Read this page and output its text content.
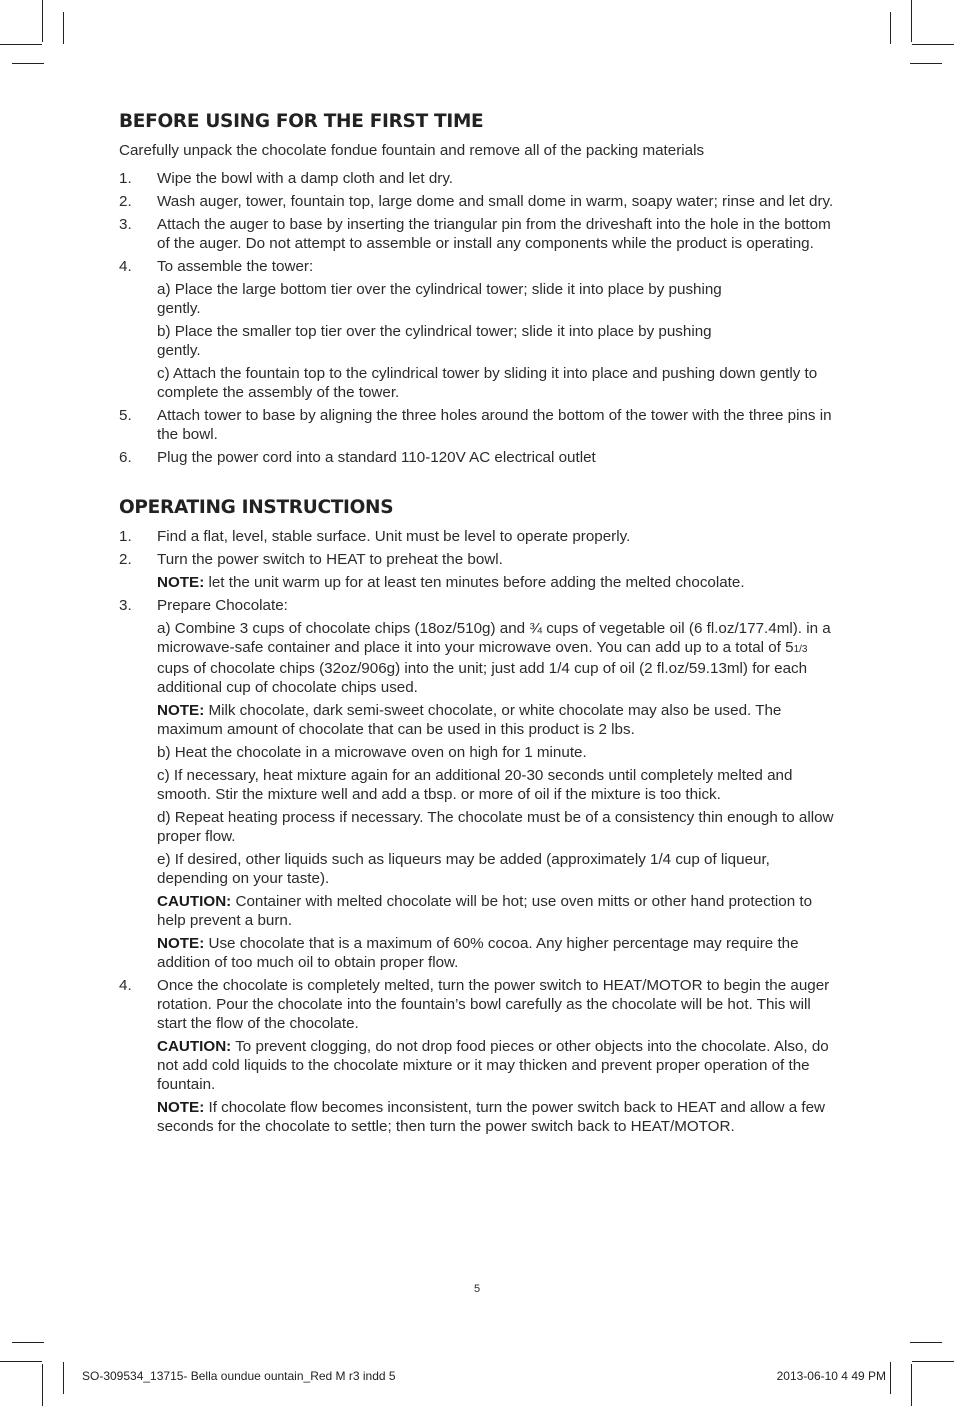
BEFORE USING FOR THE FIRST TIME

Carefully unpack the chocolate fondue fountain and remove all of the packing materials

1.	Wipe the bowl with a damp cloth and let dry.
2.	Wash auger, tower, fountain top, large dome and small dome in warm, soapy water; rinse and let dry.
3.	Attach the auger to base by inserting the triangular pin from the driveshaft into the hole in the bottom of the auger. Do not attempt to assemble or install any components while the product is operating.
4.	To assemble the tower:

a) Place the large bottom tier over the cylindrical tower; slide it into place by pushing gently.

b) Place the smaller top tier over the cylindrical tower; slide it into place by pushing gently.

c) Attach the fountain top to the cylindrical tower by sliding it into place and pushing down gently to complete the assembly of the tower.

5.	Attach tower to base by aligning the three holes around the bottom of the tower with the three pins in the bowl.
6.	Plug the power cord into a standard 110-120V AC electrical outlet
OPERATING INSTRUCTIONS
1.	Find a flat, level, stable surface. Unit must be level to operate properly.
2.	Turn the power switch to HEAT to preheat the bowl.

NOTE: let the unit warm up for at least ten minutes before adding the melted chocolate.

3.	Prepare Chocolate:

a) Combine 3 cups of chocolate chips (18oz/510g) and ¾ cups of vegetable oil (6 fl.oz/177.4ml). in a microwave-safe container and place it into your microwave oven. You can add up to a total of 51/3 cups of chocolate chips (32oz/906g) into the unit; just add 1/4 cup of oil (2 fl.oz/59.13ml) for each additional cup of chocolate chips used.

NOTE: Milk chocolate, dark semi-sweet chocolate, or white chocolate may also be used. The maximum amount of chocolate that can be used in this product is 2 lbs.

b) Heat the chocolate in a microwave oven on high for 1 minute.

c) If necessary, heat mixture again for an additional 20-30 seconds until completely melted and smooth. Stir the mixture well and add a tbsp. or more of oil if the mixture is too thick.

d) Repeat heating process if necessary. The chocolate must be of a consistency thin enough to allow proper flow.

e) If desired, other liquids such as liqueurs may be added (approximately 1/4 cup of liqueur, depending on your taste).

CAUTION: Container with melted chocolate will be hot; use oven mitts or other hand protection to help prevent a burn.

NOTE: Use chocolate that is a maximum of 60% cocoa. Any higher percentage may require the addition of too much oil to obtain proper flow.

4.	Once the chocolate is completely melted, turn the power switch to HEAT/MOTOR to begin the auger rotation. Pour the chocolate into the fountain’s bowl carefully as the chocolate will be hot. This will start the flow of the chocolate.

CAUTION: To prevent clogging, do not drop food pieces or other objects into the chocolate. Also, do not add cold liquids to the chocolate mixture or it may thicken and prevent proper operation of the fountain.

NOTE: If chocolate flow becomes inconsistent, turn the power switch back to HEAT and allow a few seconds for the chocolate to settle; then turn the power switch back to HEAT/MOTOR.

5
SO-309534_13715- Bella oundue ountain_Red M r3 indd 5	2013-06-10 4 49 PM
